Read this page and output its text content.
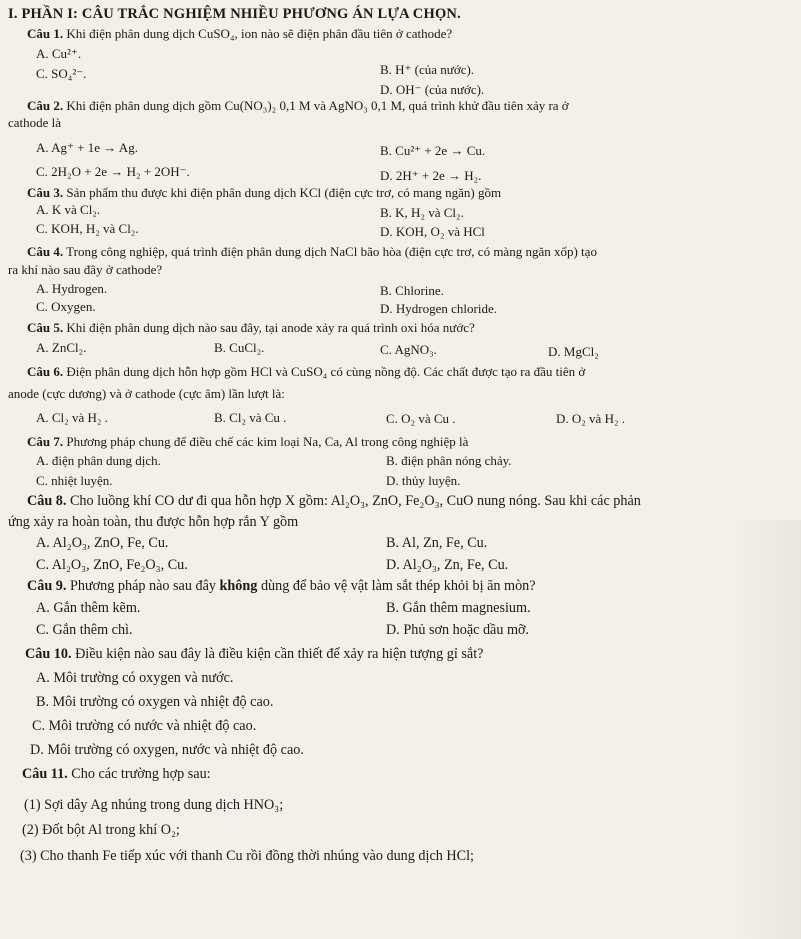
I. PHẦN I: CÂU TRẮC NGHIỆM NHIỀU PHƯƠNG ÁN LỰA CHỌN.
Câu 1. Khi điện phân dung dịch CuSO₄, ion nào sẽ điện phân đầu tiên ở cathode?
A. Cu²⁺.
B. H⁺ (của nước).
C. SO₄²⁻.
D. OH⁻ (của nước).
Câu 2. Khi điện phân dung dịch gồm Cu(NO₃)₂ 0,1 M và AgNO₃ 0,1 M, quá trình khử đầu tiên xảy ra ở
cathode là
A. Ag⁺ + 1e → Ag.	B. Cu²⁺ + 2e → Cu.
C. 2H₂O + 2e → H₂ + 2OH⁻.	D. 2H⁺ + 2e → H₂.
Câu 3. Sản phẩm thu được khi điện phân dung dịch KCl (điện cực trơ, có mang ngăn) gồm
A. K và Cl₂.	B. K, H₂ và Cl₂.
C. KOH, H₂ và Cl₂.	D. KOH, O₂ và HCl
Câu 4. Trong công nghiệp, quá trình điện phân dung dịch NaCl bão hòa (điện cực trơ, có màng ngăn xốp) tạo
ra khí nào sau đây ở cathode?
A. Hydrogen.	B. Chlorine.
C. Oxygen.	D. Hydrogen chloride.
Câu 5. Khi điện phân dung dịch nào sau đây, tại anode xảy ra quá trình oxi hóa nước?
A. ZnCl₂.	B. CuCl₂.	C. AgNO₃.	D. MgCl₂
Câu 6. Điện phân dung dịch hỗn hợp gồm HCl và CuSO₄ có cùng nồng độ. Các chất được tạo ra đầu tiên ở
anode (cực dương) và ở cathode (cực âm) lần lượt là:
A. Cl₂ và H₂ .	B. Cl₂ và Cu .	C. O₂ và Cu .	D. O₂ và H₂ .
Câu 7. Phương pháp chung để điều chế các kim loại Na, Ca, Al trong công nghiệp là
A. điện phân dung dịch.	B. điện phân nóng chảy.
C. nhiệt luyện.	D. thủy luyện.
Câu 8. Cho luồng khí CO dư đi qua hỗn hợp X gồm: Al₂O₃, ZnO, Fe₂O₃, CuO nung nóng. Sau khi các phản
ứng xảy ra hoàn toàn, thu được hỗn hợp rắn Y gồm
A. Al₂O₃, ZnO, Fe, Cu.	B. Al, Zn, Fe, Cu.
C. Al₂O₃, ZnO, Fe₂O₃, Cu.	D. Al₂O₃, Zn, Fe, Cu.
Câu 9. Phương pháp nào sau đây không dùng để bảo vệ vật làm sắt thép khỏi bị ăn mòn?
A. Gắn thêm kẽm.	B. Gắn thêm magnesium.
C. Gắn thêm chì.	D. Phủ sơn hoặc dầu mỡ.
Câu 10. Điều kiện nào sau đây là điều kiện cần thiết để xảy ra hiện tượng gỉ sắt?
A. Môi trường có oxygen và nước.
B. Môi trường có oxygen và nhiệt độ cao.
C. Môi trường có nước và nhiệt độ cao.
D. Môi trường có oxygen, nước và nhiệt độ cao.
Câu 11. Cho các trường hợp sau:
(1) Sợi dây Ag nhúng trong dung dịch HNO₃;
(2) Đốt bột Al trong khí O₂;
(3) Cho thanh Fe tiếp xúc với thanh Cu rồi đồng thời nhúng vào dung dịch HCl;
